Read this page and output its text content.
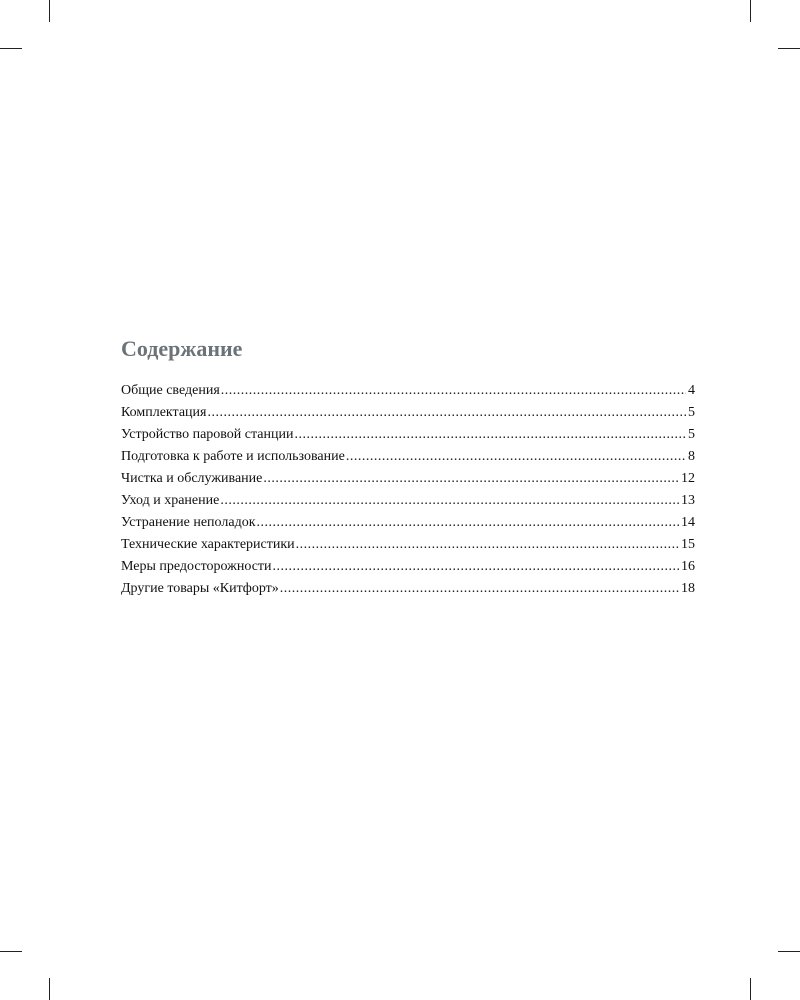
Содержание
Общие сведения .....	4
Комплектация .....	5
Устройство паровой станции .....	5
Подготовка к работе и использование .....	8
Чистка и обслуживание .....	12
Уход и хранение .....	13
Устранение неполадок .....	14
Технические характеристики .....	15
Меры предосторожности .....	16
Другие товары «Китфорт» .....	18
